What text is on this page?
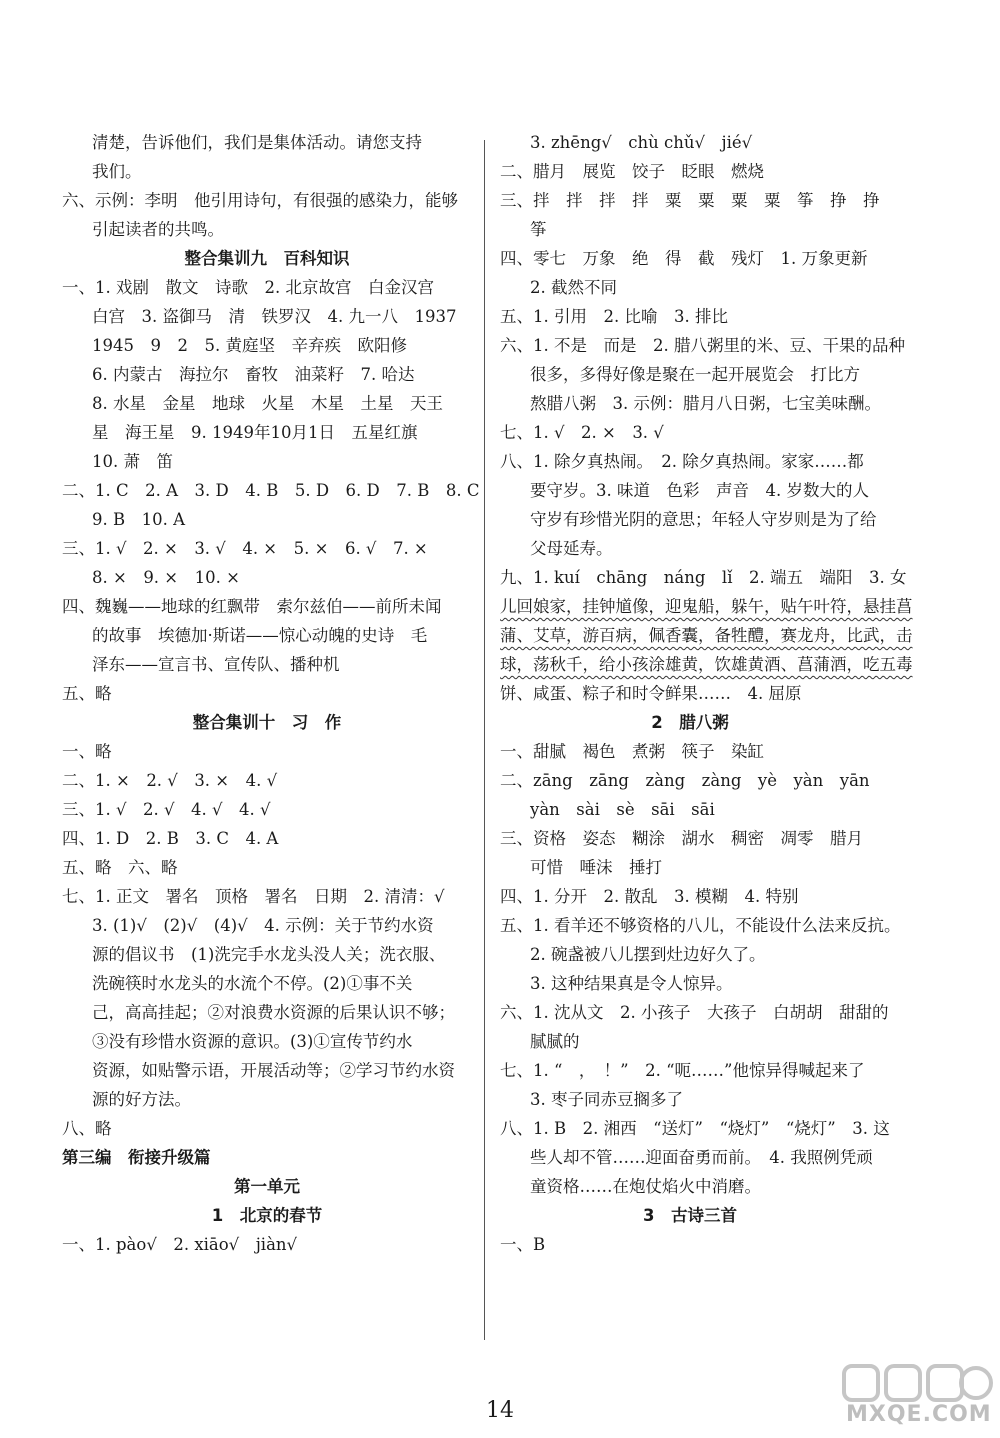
清楚，告诉他们，我们是集体活动。请您支持
我们。
六、示例：李明　他引用诗句，有很强的感染力，能够
引起读者的共鸣。
整合集训九　百科知识
一、1. 戏剧　散文　诗歌　2. 北京故宫　白金汉宫
白宫　3. 盗御马　清　铁罗汉　4. 九一八　1937
1945　9　2　5. 黄庭坚　辛弃疾　欧阳修
6. 内蒙古　海拉尔　畜牧　油菜籽　7. 哈达
8. 水星　金星　地球　火星　木星　土星　天王
星　海王星　9. 1949年10月1日　五星红旗
10. 萧　笛
二、1. C　2. A　3. D　4. B　5. D　6. D　7. B　8. C
9. B　10. A
三、1. √　2. ×　3. √　4. ×　5. ×　6. √　7. ×
8. ×　9. ×　10. ×
四、魏巍——地球的红飘带　索尔兹伯——前所未闻
的故事　埃德加·斯诺——惊心动魄的史诗　毛
泽东——宣言书、宣传队、播种机
五、略
整合集训十　习　作
一、略
二、1. ×　2. √　3. ×　4. √
三、1. √　2. √　4. √　4. √
四、1. D　2. B　3. C　4. A
五、略　六、略
七、1. 正文　署名　顶格　署名　日期　2. 清清：√
3. (1)√　(2)√　(4)√　4. 示例：关于节约水资
源的倡议书　(1)洗完手水龙头没人关；洗衣服、
洗碗筷时水龙头的水流个不停。(2)①事不关
己，高高挂起；②对浪费水资源的后果认识不够；
③没有珍惜水资源的意识。(3)①宣传节约水
资源，如贴警示语，开展活动等；②学习节约水资
源的好方法。
八、略
第三编　衔接升级篇
第一单元
1　北京的春节
一、1. pào√　2. xiāo√　jiàn√
3. zhēng√　chù chǔ√　jié√
二、腊月　展览　饺子　眨眼　燃烧
三、拌　拌　拌　拌　粟　粟　粟　粟　筝　挣　挣
筝
四、零七　万象　绝　得　截　残灯　1. 万象更新
2. 截然不同
五、1. 引用　2. 比喻　3. 排比
六、1. 不是　而是　2. 腊八粥里的米、豆、干果的品种
很多，多得好像是聚在一起开展览会　打比方
熬腊八粥　3. 示例：腊月八日粥，七宝美味酬。
七、1. √　2. ×　3. √
八、1. 除夕真热闹。　2. 除夕真热闹。家家……都
要守岁。3. 味道　色彩　声音　4. 岁数大的人
守岁有珍惜光阴的意思；年轻人守岁则是为了给
父母延寿。
九、1. kuí　chāng　náng　lǐ　2. 端五　端阳　3. 女
儿回娘家，挂钟馗像，迎鬼船，躲午，贴午叶符，悬挂菖
蒲、艾草，游百病，佩香囊，备牲醴，赛龙舟，比武，击
球，荡秋千，给小孩涂雄黄，饮雄黄酒、菖蒲酒，吃五毒
饼、咸蛋、粽子和时令鲜果……　4. 屈原
2　腊八粥
一、甜腻　褐色　煮粥　筷子　染缸
二、zāng　zāng　zàng　zàng　yè　yàn　yān
yàn　sài　sè　sāi　sāi
三、资格　姿态　糊涂　湖水　稠密　凋零　腊月
可惜　唾沫　捶打
四、1. 分开　2. 散乱　3. 模糊　4. 特别
五、1. 看羊还不够资格的八儿，不能设什么法来反抗。
2. 碗盏被八儿摆到灶边好久了。
3. 这种结果真是令人惊异。
六、1. 沈从文　2. 小孩子　大孩子　白胡胡　甜甜的
腻腻的
七、1. “　，　！”　2. “呃……”他惊异得喊起来了
3. 枣子同赤豆搁多了
八、1. B　2. 湘西　“送灯”　“烧灯”　“烧灯”　3. 这
些人却不管……迎面奋勇而前。　4. 我照例凭顽
童资格……在炮仗焰火中消磨。
3　古诗三首
一、B
14	MXQE.COM
